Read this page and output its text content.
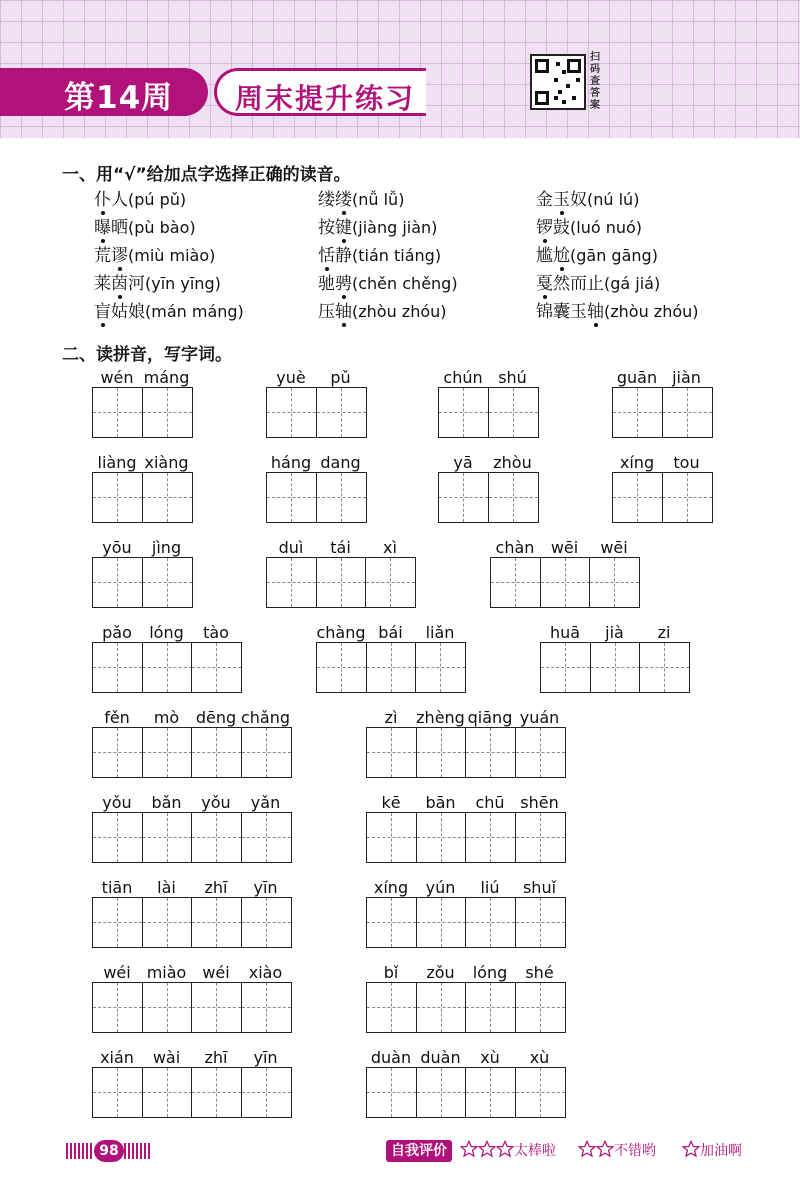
第14周 周末提升练习
扫码查答案
一、用“√”给加点字选择正确的读音。
仆人(pú pǔ)	缕缕(nǚ lǚ)	金玉奴(nú lú)
曝晒(pù bào)	按键(jiàng jiàn)	锣鼓(luó nuó)
荒谬(miù miào)	恬静(tián tiáng)	尴尬(gān gāng)
莱茵河(yīn yīng)	驰骋(chěn chěng)	戛然而止(gá jiá)
盲姑娘(mán máng)	压轴(zhòu zhóu)	锦囊玉轴(zhòu zhóu)
二、读拼音，写字词。
wén máng	yuè pǔ	chún shú	guān jiàn
liàng xiàng	háng dang	yā zhòu	xíng tou
yōu jìng	duì tái xì	chàn wēi wēi
pǎo lóng tào	chàng bái liǎn	huā jià zi
fěn mò dēng chǎng	zì zhèng qiāng yuán
yǒu bǎn yǒu yǎn	kē bān chū shēn
tiān lài zhī yīn	xíng yún liú shuǐ
wéi miào wéi xiào	bǐ zǒu lóng shé
xián wài zhī yīn	duàn duàn xù xù
98	自我评价	太棒啦	不错哟	加油啊
